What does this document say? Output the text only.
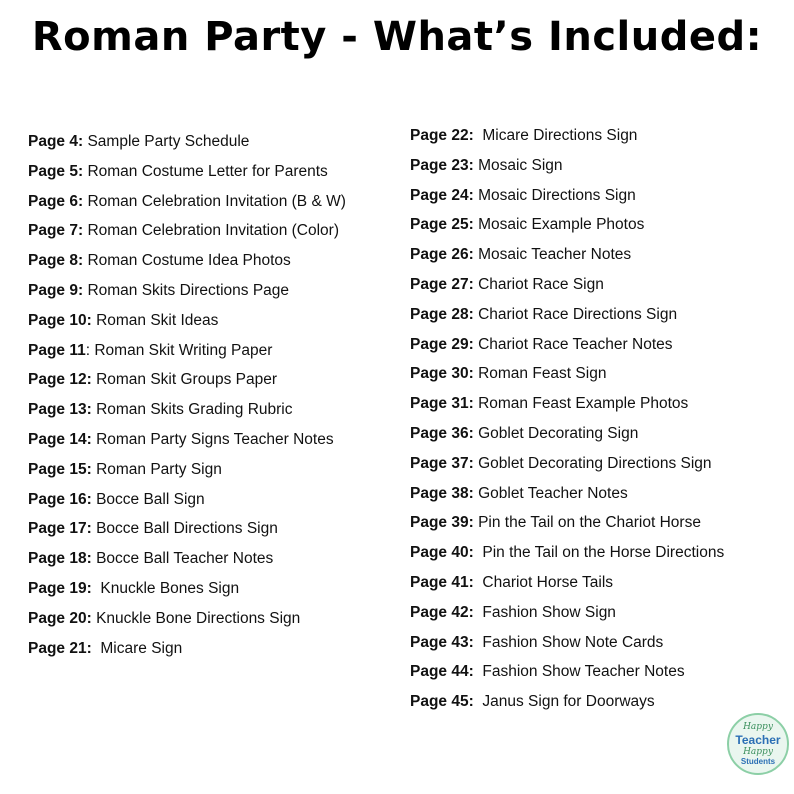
Roman Party - What’s Included:
Page 4: Sample Party Schedule
Page 5: Roman Costume Letter for Parents
Page 6: Roman Celebration Invitation (B & W)
Page 7: Roman Celebration Invitation (Color)
Page 8: Roman Costume Idea Photos
Page 9: Roman Skits Directions Page
Page 10: Roman Skit Ideas
Page 11: Roman Skit Writing Paper
Page 12: Roman Skit Groups Paper
Page 13: Roman Skits Grading Rubric
Page 14: Roman Party Signs Teacher Notes
Page 15: Roman Party Sign
Page 16: Bocce Ball Sign
Page 17: Bocce Ball Directions Sign
Page 18: Bocce Ball Teacher Notes
Page 19:  Knuckle Bones Sign
Page 20: Knuckle Bone Directions Sign
Page 21:  Micare Sign
Page 22:  Micare Directions Sign
Page 23: Mosaic Sign
Page 24: Mosaic Directions Sign
Page 25: Mosaic Example Photos
Page 26: Mosaic Teacher Notes
Page 27: Chariot Race Sign
Page 28: Chariot Race Directions Sign
Page 29: Chariot Race Teacher Notes
Page 30: Roman Feast Sign
Page 31: Roman Feast Example Photos
Page 36: Goblet Decorating Sign
Page 37: Goblet Decorating Directions Sign
Page 38: Goblet Teacher Notes
Page 39: Pin the Tail on the Chariot Horse
Page 40:  Pin the Tail on the Horse Directions
Page 41:  Chariot Horse Tails
Page 42:  Fashion Show Sign
Page 43:  Fashion Show Note Cards
Page 44:  Fashion Show Teacher Notes
Page 45:  Janus Sign for Doorways
Happy
Teacher
Happy
Students
